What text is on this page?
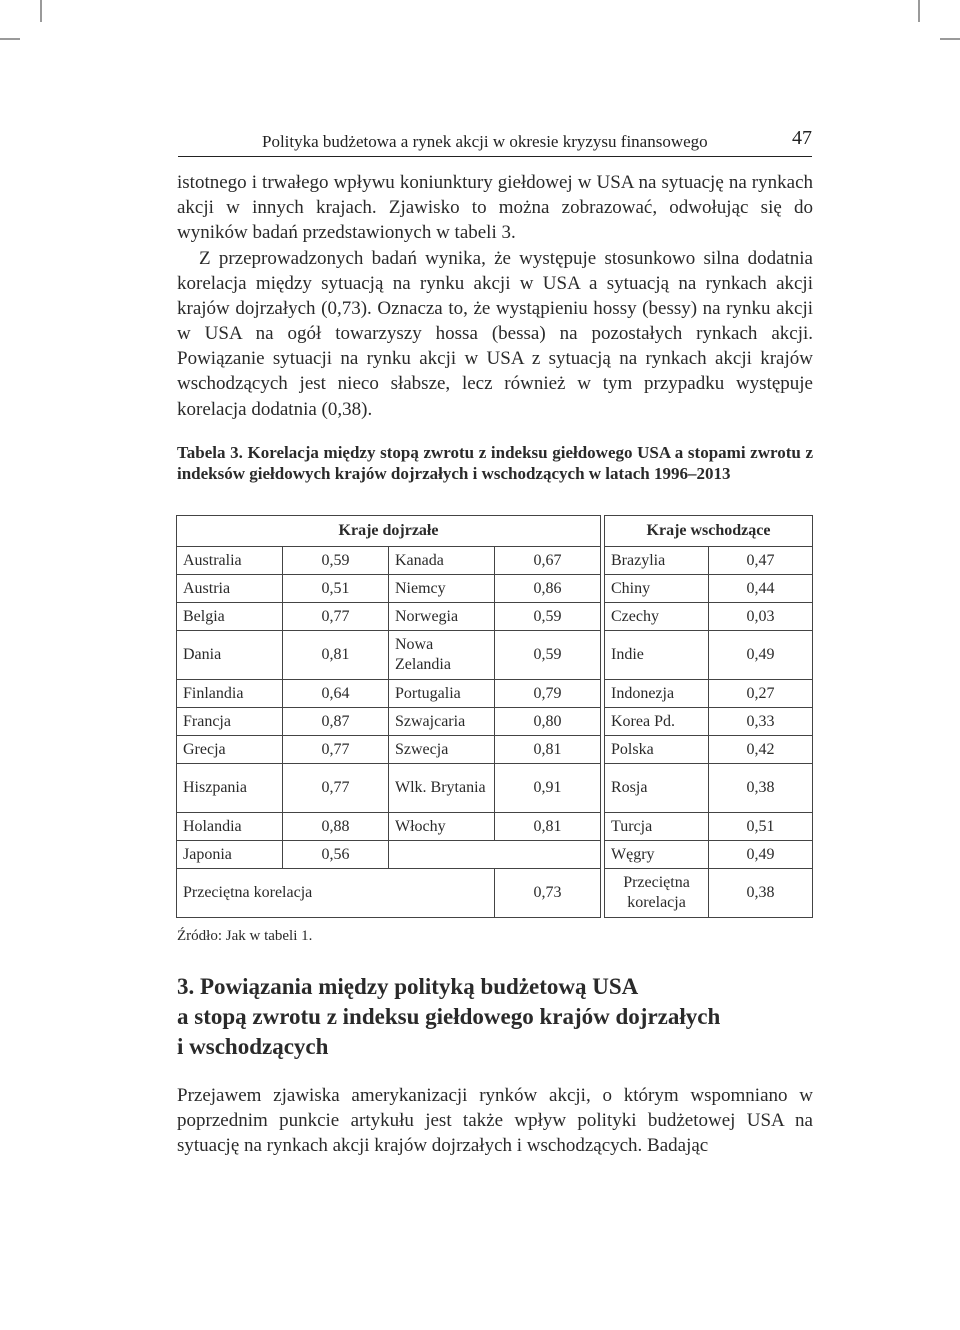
Polityka budżetowa a rynek akcji w okresie kryzysu finansowego	47

istotnego i trwałego wpływu koniunktury giełdowej w USA na sytuację na rynkach akcji w innych krajach. Zjawisko to można zobrazować, odwołując się do wyników badań przedstawionych w tabeli 3.

Z przeprowadzonych badań wynika, że występuje stosunkowo silna dodatnia korelacja między sytuacją na rynku akcji w USA a sytuacją na rynkach akcji krajów dojrzałych (0,73). Oznacza to, że wystąpieniu hossy (bessy) na rynku akcji w USA na ogół towarzyszy hossa (bessa) na pozostałych rynkach akcji. Powiązanie sytuacji na rynku akcji w USA z sytuacją na rynkach akcji krajów wschodzących jest nieco słabsze, lecz również w tym przypadku występuje korelacja dodatnia (0,38).

Tabela 3. Korelacja między stopą zwrotu z indeksu giełdowego USA a stopami zwrotu z indeksów giełdowych krajów dojrzałych i wschodzących w latach 1996–2013

Kraje dojrzałe					Kraje wschodzące	
Australia	0,59	Kanada	0,67		Brazylia	0,47
Austria	0,51	Niemcy	0,86		Chiny	0,44
Belgia	0,77	Norwegia	0,59		Czechy	0,03
Dania	0,81	Nowa Zelandia	0,59		Indie	0,49
Finlandia	0,64	Portugalia	0,79		Indonezja	0,27
Francja	0,87	Szwajcaria	0,80		Korea Pd.	0,33
Grecja	0,77	Szwecja	0,81		Polska	0,42
Hiszpania	0,77	Wlk. Brytania	0,91		Rosja	0,38
Holandia	0,88	Włochy	0,81		Turcja	0,51
Japonia	0,56				Węgry	0,49
Przeciętna korelacja			0,73		Przeciętna korelacja	0,38

Źródło: Jak w tabeli 1.

3. Powiązania między polityką budżetową USA
a stopą zwrotu z indeksu giełdowego krajów dojrzałych
i wschodzących

Przejawem zjawiska amerykanizacji rynków akcji, o którym wspomniano w poprzednim punkcie artykułu jest także wpływ polityki budżetowej USA na sytuację na rynkach akcji krajów dojrzałych i wschodzących. Badając
